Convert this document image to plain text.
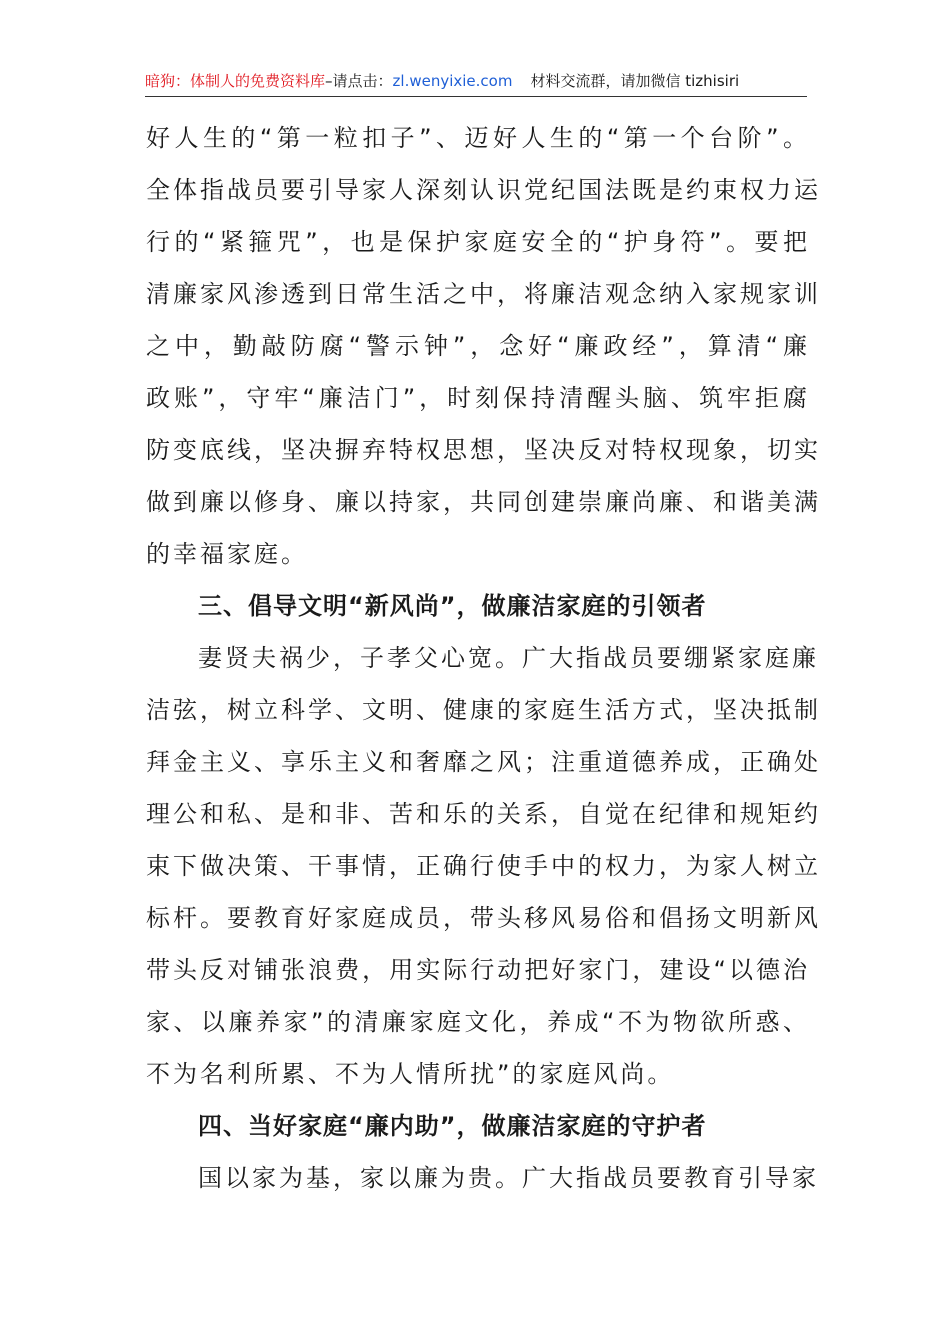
暗狗：体制人的免费资料库–请点击：zl.wenyixie.com 材料交流群，请加微信 tizhisiri
好人生的“第一粒扣子”、迈好人生的“第一个台阶”。
全体指战员要引导家人深刻认识党纪国法既是约束权力运
行的“紧箍咒”，也是保护家庭安全的“护身符”。要把
清廉家风渗透到日常生活之中，将廉洁观念纳入家规家训
之中，勤敲防腐“警示钟”，念好“廉政经”，算清“廉
政账”，守牢“廉洁门”，时刻保持清醒头脑、筑牢拒腐
防变底线，坚决摒弃特权思想，坚决反对特权现象，切实
做到廉以修身、廉以持家，共同创建崇廉尚廉、和谐美满
的幸福家庭。
三、倡导文明“新风尚”，做廉洁家庭的引领者
妻贤夫祸少，子孝父心宽。广大指战员要绷紧家庭廉
洁弦，树立科学、文明、健康的家庭生活方式，坚决抵制
拜金主义、享乐主义和奢靡之风；注重道德养成，正确处
理公和私、是和非、苦和乐的关系，自觉在纪律和规矩约
束下做决策、干事情，正确行使手中的权力，为家人树立
标杆。要教育好家庭成员，带头移风易俗和倡扬文明新风
带头反对铺张浪费，用实际行动把好家门，建设“以德治
家、以廉养家”的清廉家庭文化，养成“不为物欲所惑、
不为名利所累、不为人情所扰”的家庭风尚。
四、当好家庭“廉内助”，做廉洁家庭的守护者
国以家为基，家以廉为贵。广大指战员要教育引导家
